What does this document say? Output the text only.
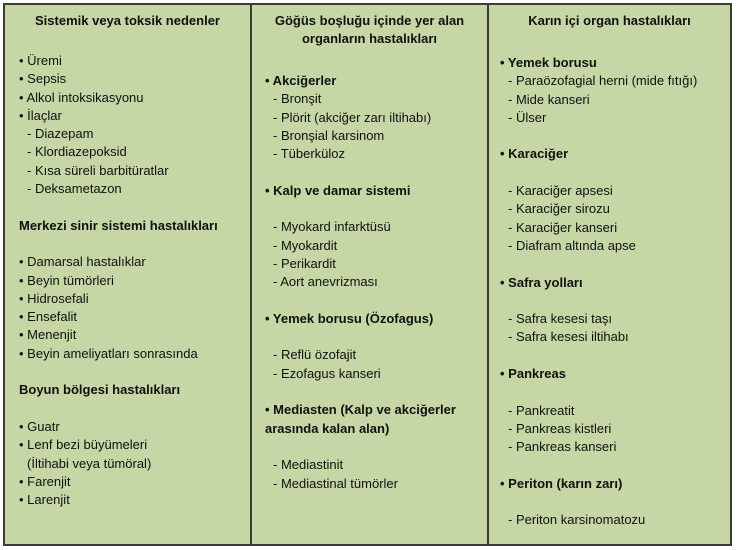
Sistemik veya toksik nedenler
• Üremi
• Sepsis
• Alkol intoksikasyonu
• İlaçlar
- Diazepam
- Klordiazepoksid
- Kısa süreli barbitüratlar
- Deksametazon
Merkezi sinir sistemi hastalıkları
• Damarsal hastalıklar
• Beyin tümörleri
• Hidrosefali
• Ensefalit
• Menenjit
• Beyin ameliyatları sonrasında
Boyun bölgesi hastalıkları
• Guatr
• Lenf bezi büyümeleri
(İltihabi veya tümöral)
• Farenjit
• Larenjit
Göğüs boşluğu içinde yer alan
organların hastalıkları
• Akciğerler
- Bronşit
- Plörit (akciğer zarı iltihabı)
- Bronşial karsinom
- Tüberküloz
• Kalp ve damar sistemi
- Myokard infarktüsü
- Myokardit
- Perikardit
- Aort anevrizması
• Yemek borusu (Özofagus)
- Reflü özofajit
- Ezofagus kanseri
• Mediasten (Kalp ve akciğerler
arasında kalan alan)
- Mediastinit
- Mediastinal tümörler
Karın içi organ hastalıkları
• Yemek borusu
- Paraözofagial herni (mide fıtığı)
- Mide kanseri
- Ülser
• Karaciğer
- Karaciğer apsesi
- Karaciğer sirozu
- Karaciğer kanseri
- Diafram altında apse
• Safra yolları
- Safra kesesi taşı
- Safra kesesi iltihabı
• Pankreas
- Pankreatit
- Pankreas kistleri
- Pankreas kanseri
• Periton (karın zarı)
- Periton karsinomatozu
